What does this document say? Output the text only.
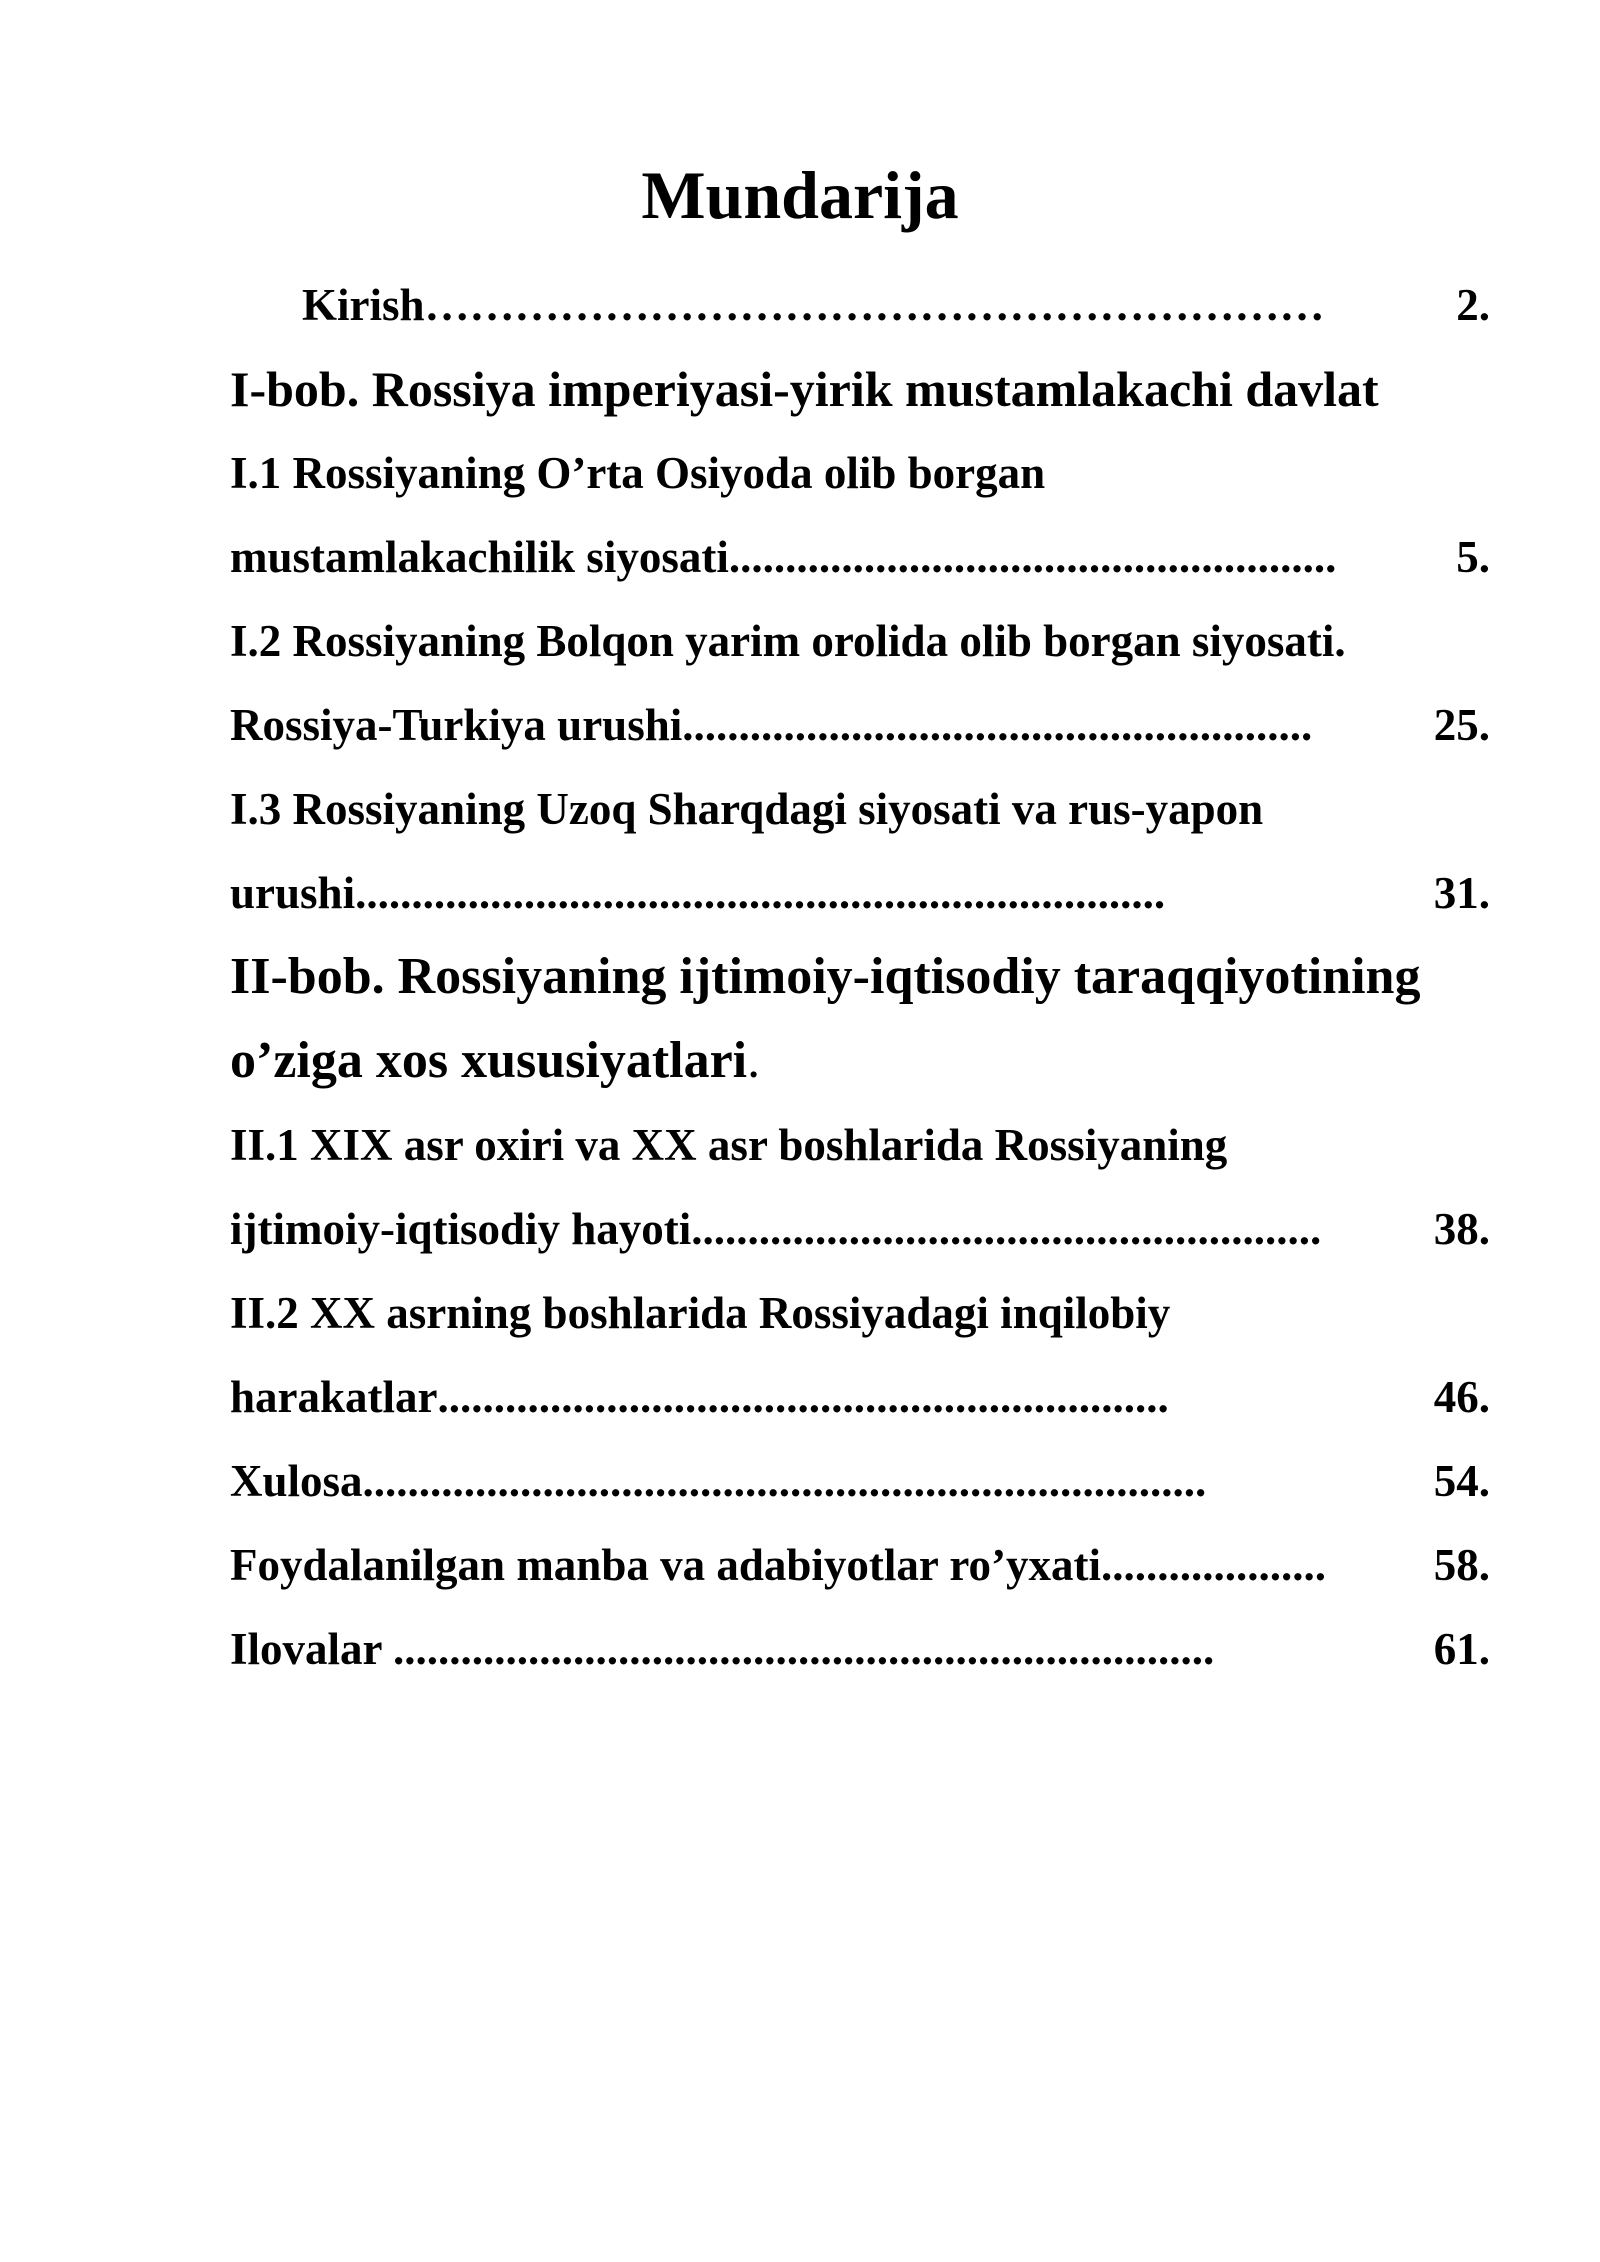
Mundarija
Kirish ……………………………………………………	2.
I-bob. Rossiya imperiyasi-yirik mustamlakachi davlat
I.1 Rossiyaning O’rta Osiyoda olib borgan
mustamlakachilik siyosati ......................................................	5.
I.2 Rossiyaning Bolqon yarim orolida olib borgan siyosati.
Rossiya-Turkiya urushi ........................................................	25.
I.3 Rossiyaning Uzoq Sharqdagi siyosati va rus-yapon
urushi ........................................................................	31.
II-bob. Rossiyaning ijtimoiy-iqtisodiy taraqqiyotining
o’ziga xos xususiyatlari.
II.1 XIX asr oxiri va XX asr boshlarida Rossiyaning
ijtimoiy-iqtisodiy hayoti ........................................................	38.
II.2 XX asrning boshlarida Rossiyadagi inqilobiy
harakatlar .................................................................	46.
Xulosa ...........................................................................	54.
Foydalanilgan manba va adabiyotlar ro’yxati ....................	58.
Ilovalar .........................................................................	61.
